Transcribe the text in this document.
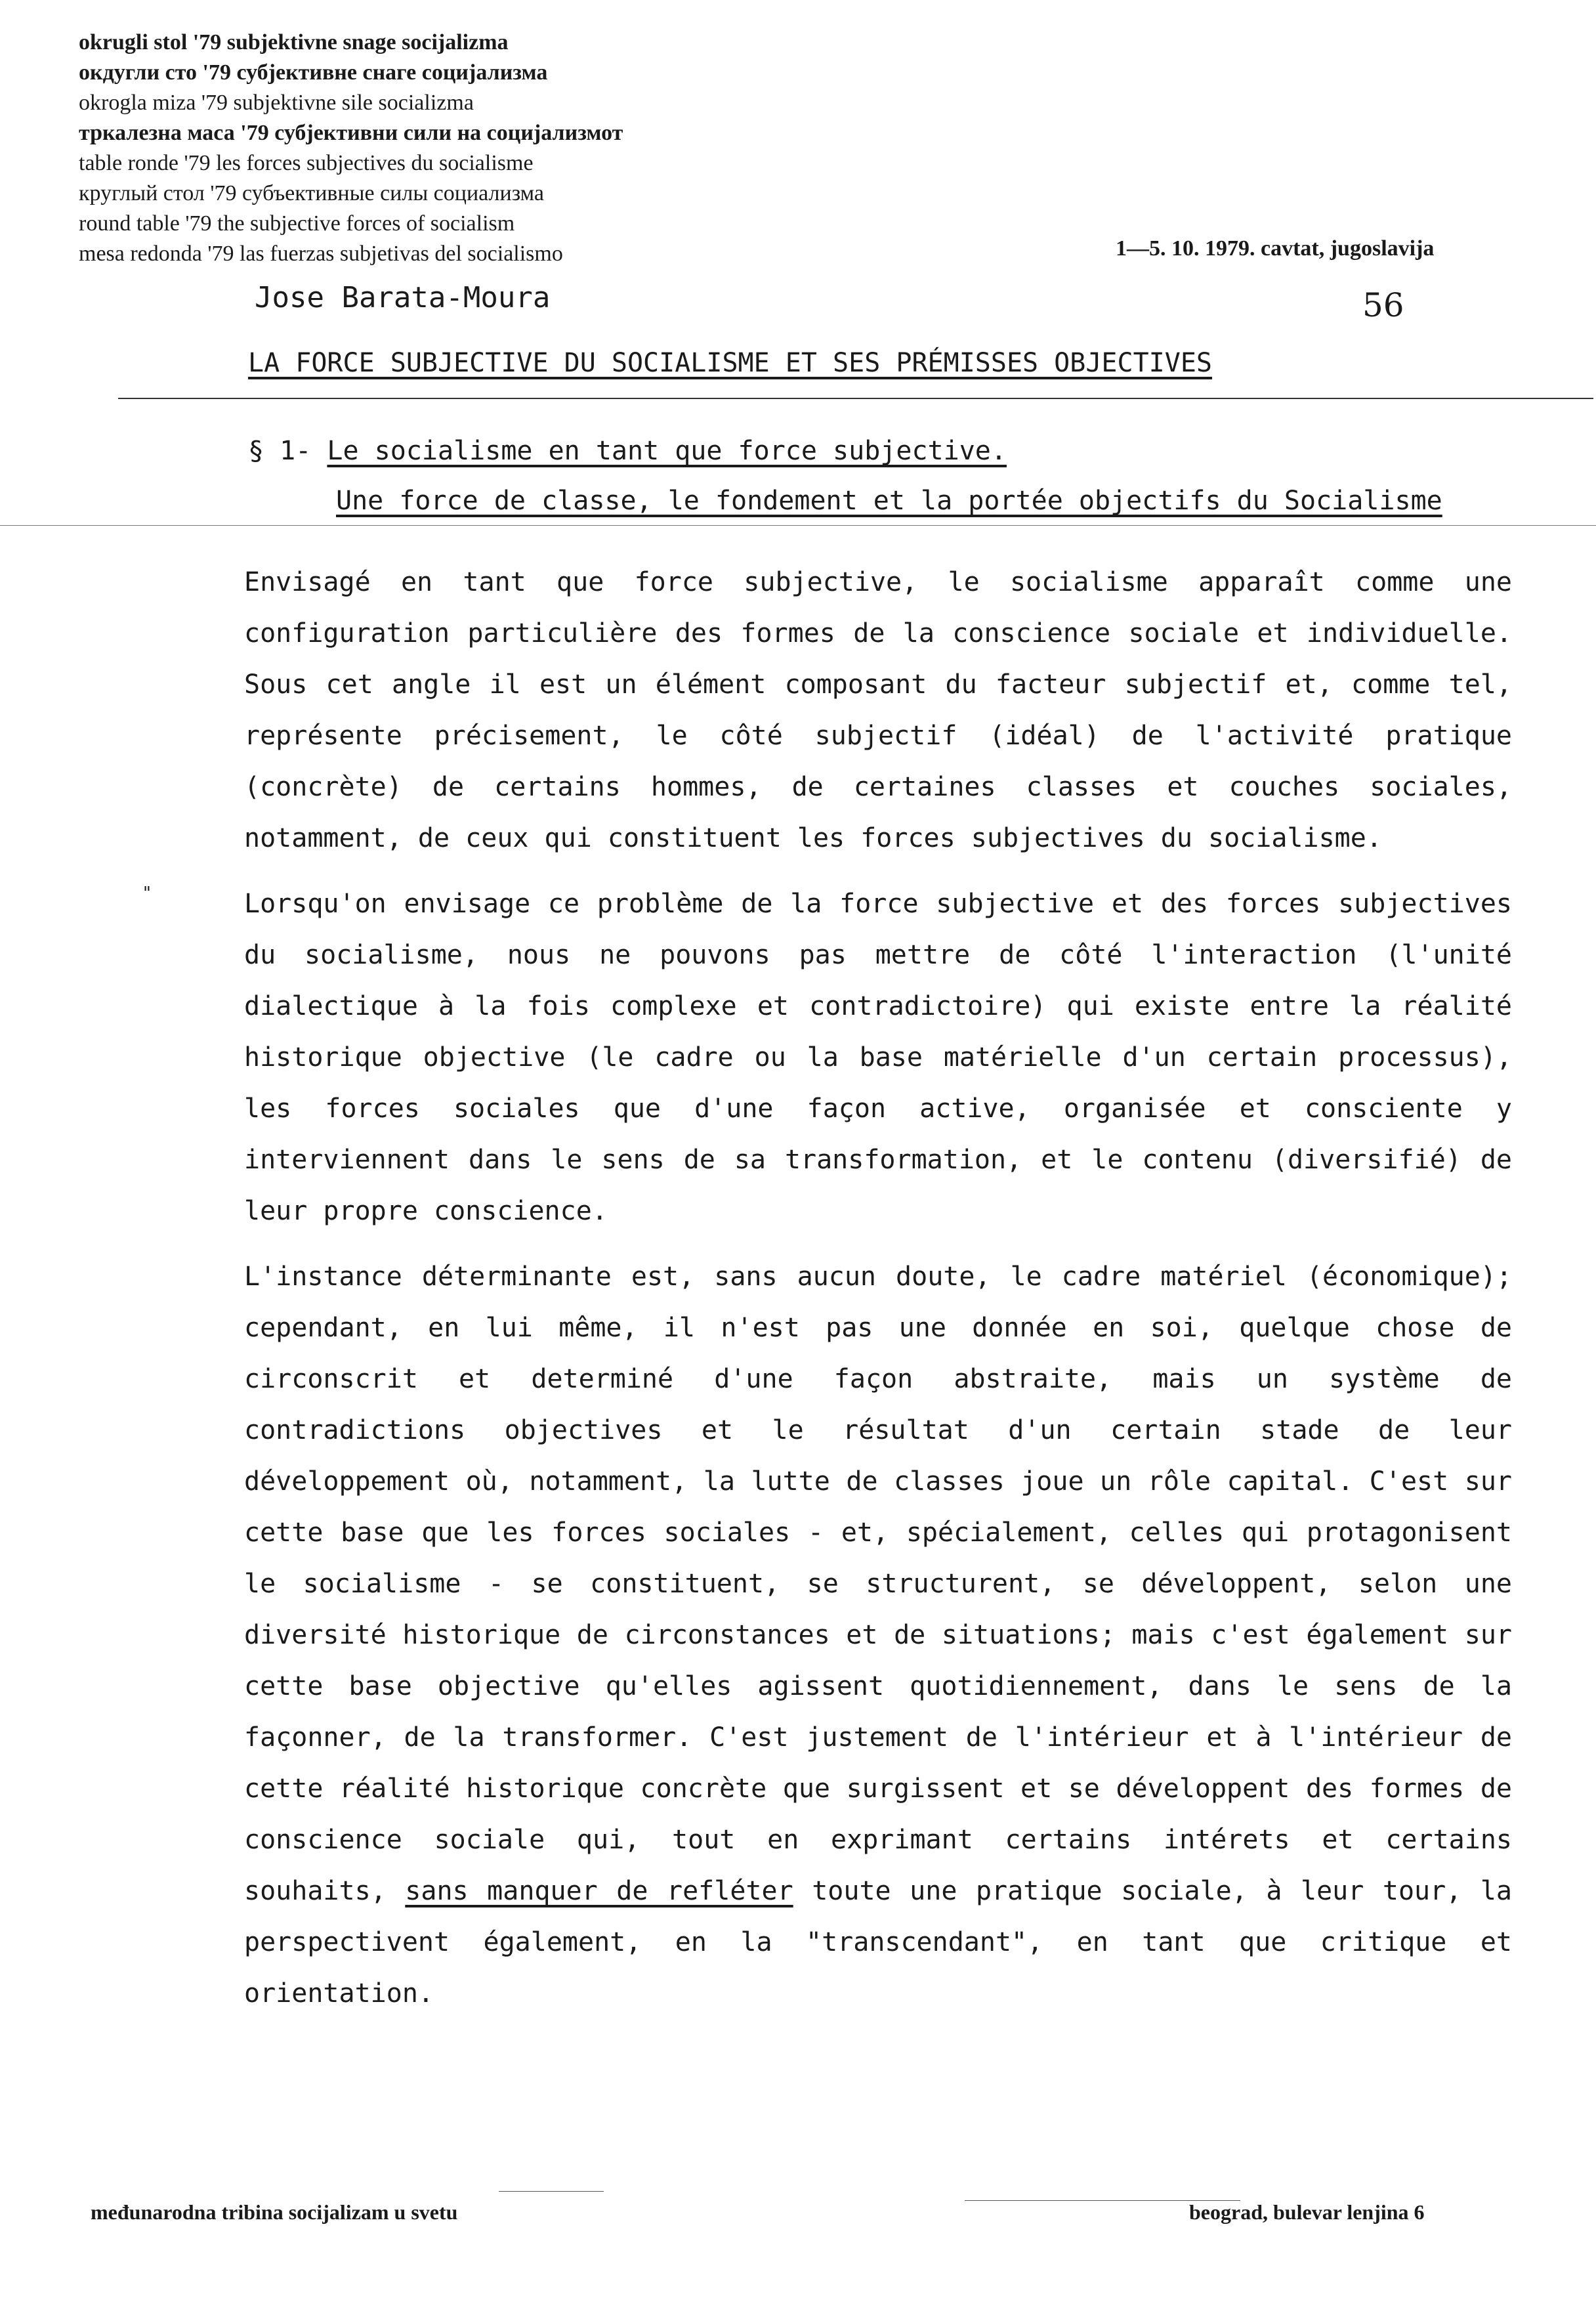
okrugli stol '79 subjektivne snage socijalizma
окдугли сто '79 субјективне снаге социјализма
okrogla miza '79 subjektivne sile socializma
тркалезна маса '79 субјективни сили на социјализмот
table ronde '79 les forces subjectives du socialisme
круглый стол '79 субъективные силы социализма
round table '79 the subjective forces of socialism
mesa redonda '79 las fuerzas subjetivas del socialismo	1—5. 10. 1979. cavtat, jugoslavija
Jose Barata-Moura	56
LA FORCE SUBJECTIVE DU SOCIALISME ET SES PRÉMISSES OBJECTIVES
§ 1- Le socialisme en tant que force subjective.
Une force de classe, le fondement et la portée objectifs du Socialisme
"

Envisagé en tant que force subjective, le socialisme apparaît comme une configuration particulière des formes de la conscience sociale et individuelle. Sous cet angle il est un élément composant du facteur subjectif et, comme tel, représente précisement, le côté subjectif (idéal) de l'activité pratique (concrète) de certains hommes, de certaines classes et couches sociales, notamment, de ceux qui constituent les forces subjectives du socialisme.

Lorsqu'on envisage ce problème de la force subjective et des forces subjectives du socialisme, nous ne pouvons pas mettre de côté l'interaction (l'unité dialectique à la fois complexe et contradictoire) qui existe entre la réalité historique objective (le cadre ou la base matérielle d'un certain processus), les forces sociales que d'une façon active, organisée et consciente y interviennent dans le sens de sa transformation, et le contenu (diversifié) de leur propre conscience.

L'instance déterminante est, sans aucun doute, le cadre matériel (économique); cependant, en lui même, il n'est pas une donnée en soi, quelque chose de circonscrit et determiné d'une façon abstraite, mais un système de contradictions objectives et le résultat d'un certain stade de leur développement où, notamment, la lutte de classes joue un rôle capital. C'est sur cette base que les forces sociales - et, spécialement, celles qui protagonisent le socialisme - se constituent, se structurent, se développent, selon une diversité historique de circonstances et de situations; mais c'est également sur cette base objective qu'elles agissent quotidiennement, dans le sens de la façonner, de la transformer. C'est justement de l'intérieur et à l'intérieur de cette réalité historique concrète que surgissent et se développent des formes de conscience sociale qui, tout en exprimant certains intérets et certains souhaits, sans manquer de refléter toute une pratique sociale, à leur tour, la perspectivent également, en la "transcendant", en tant que critique et orientation.

međunarodna tribina socijalizam u svetu	beograd, bulevar lenjina 6
